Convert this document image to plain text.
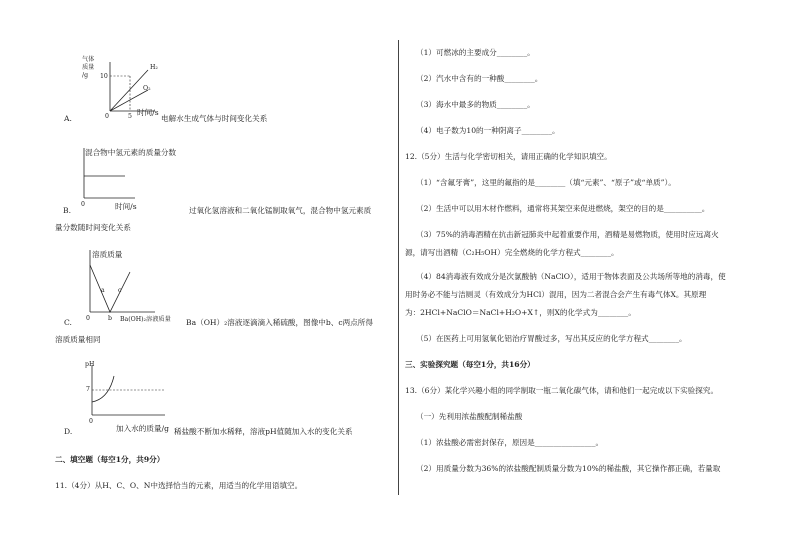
气体
质量
/g	10
5
0
H₂
O₂
A.
时间/s
电解水生成气体与时间变化关系
混合物中氢元素的质量分数
0
B.	时间/s	过氧化氢溶液和二氧化锰制取氧气，混合物中氢元素质
量分数随时间变化关系
溶质质量
a
b
c
0
C.	Ba(OH)₂溶液质量 Ba（OH）₂溶液逐滴滴入稀硫酸，图像中b、c两点所得
溶质质量相同
pH
7
0
D.	加入水的质量/g 稀盐酸不断加水稀释，溶液pH值随加入水的变化关系
二、填空题（每空1分，共9分）
11.（4分）从H、C、O、N中选择恰当的元素，用适当的化学用语填空。
（1）可燃冰的主要成分________。
（2）汽水中含有的一种酸________。
（3）海水中最多的物质________。
（4）电子数为10的一种阴离子________。
12.（5分）生活与化学密切相关，请用正确的化学知识填空。
（1）“含氟牙膏”，这里的氟指的是________（填“元素”、“原子”或“单质”）。
（2）生活中可以用木材作燃料，通常将其架空来促进燃烧，架空的目的是__________。
（3）75%的消毒酒精在抗击新冠肺炎中起着重要作用，酒精是易燃物质，使用时应远离火
源，请写出酒精（C₂H₅OH）完全燃烧的化学方程式________。
（4）84消毒液有效成分是次氯酸钠（NaClO），适用于物体表面及公共场所等地的消毒，使
用时务必不能与洁厕灵（有效成分为HCl）混用，因为二者混合会产生有毒气体X。其原理
为：2HCl+NaClO＝NaCl+H₂O+X↑，则X的化学式为________。
（5）在医药上可用氢氧化铝治疗胃酸过多，写出其反应的化学方程式________。
三、实验探究题（每空1分，共16分）
13.（6分）某化学兴趣小组的同学制取一瓶二氧化碳气体，请和他们一起完成以下实验探究。
（一）先利用浓盐酸配制稀盐酸
（1）浓盐酸必需密封保存，原因是________________。
（2）用质量分数为36%的浓盐酸配制质量分数为10%的稀盐酸，其它操作都正确，若量取
